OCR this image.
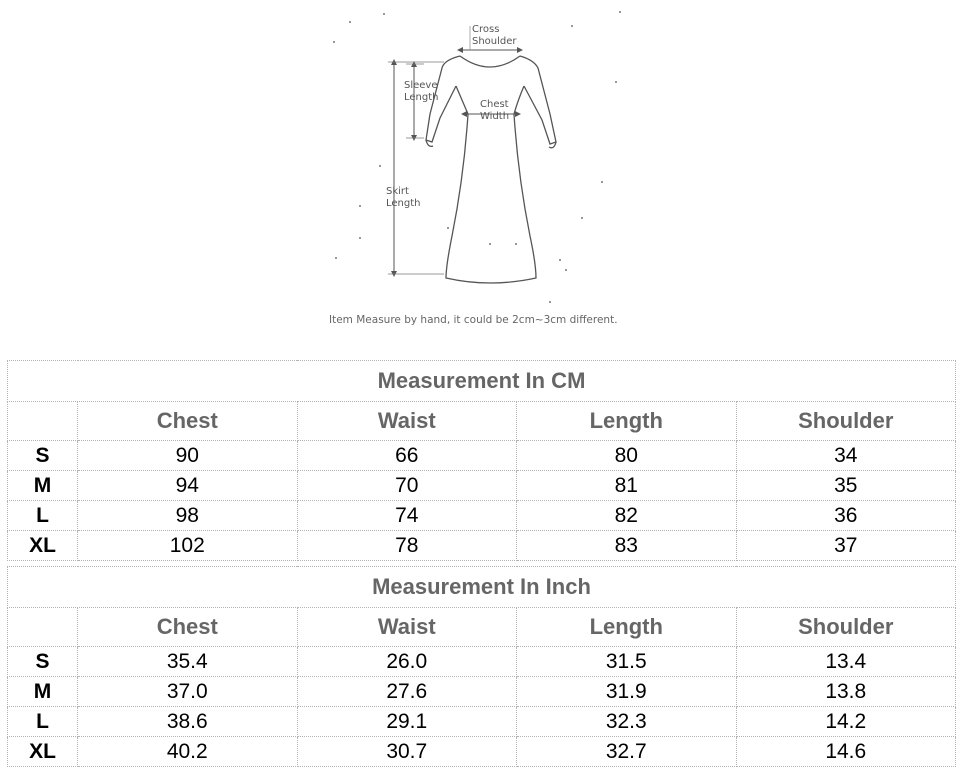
Cross
Shoulder
Sleeve
Length
Chest
Width
Skirt
Length
Item Measure by hand, it could be 2cm~3cm different.
Measurement In CM				
	Chest	Waist	Length	Shoulder
S	90	66	80	34
M	94	70	81	35
L	98	74	82	36
XL	102	78	83	37
Measurement In Inch				
	Chest	Waist	Length	Shoulder
S	35.4	26.0	31.5	13.4
M	37.0	27.6	31.9	13.8
L	38.6	29.1	32.3	14.2
XL	40.2	30.7	32.7	14.6
